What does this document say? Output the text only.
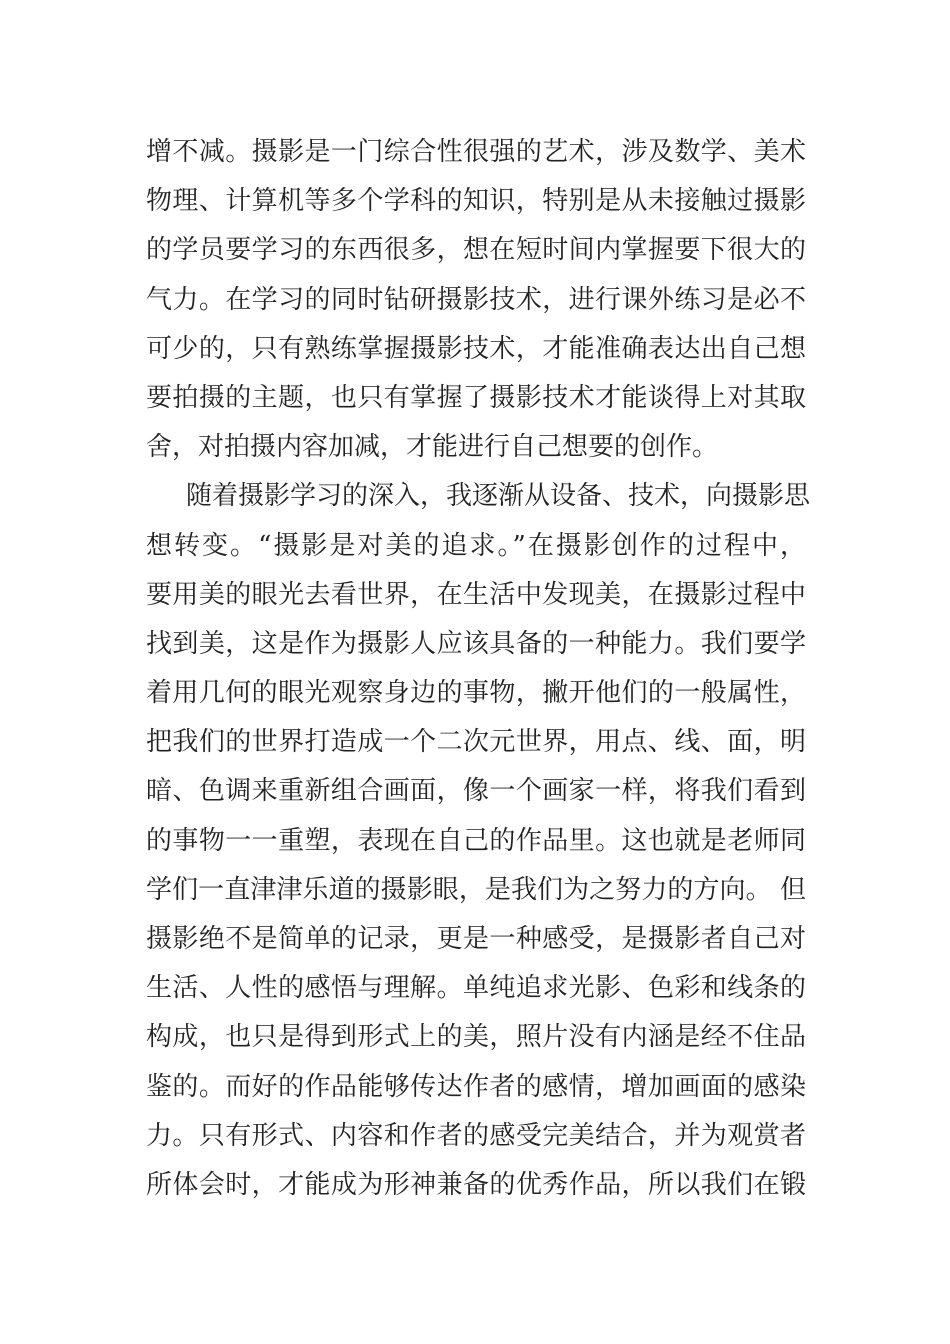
增不减。摄影是一门综合性很强的艺术，涉及数学、美术
物理、计算机等多个学科的知识，特别是从未接触过摄影
的学员要学习的东西很多，想在短时间内掌握要下很大的
气力。在学习的同时钻研摄影技术，进行课外练习是必不
可少的，只有熟练掌握摄影技术，才能准确表达出自己想
要拍摄的主题，也只有掌握了摄影技术才能谈得上对其取
舍，对拍摄内容加减，才能进行自己想要的创作。
随着摄影学习的深入，我逐渐从设备、技术，向摄影思
想转变。“摄影是对美的追求。”在摄影创作的过程中，
要用美的眼光去看世界，在生活中发现美，在摄影过程中
找到美，这是作为摄影人应该具备的一种能力。我们要学
着用几何的眼光观察身边的事物，撇开他们的一般属性，
把我们的世界打造成一个二次元世界，用点、线、面，明
暗、色调来重新组合画面，像一个画家一样，将我们看到
的事物一一重塑，表现在自己的作品里。这也就是老师同
学们一直津津乐道的摄影眼，是我们为之努力的方向。 但
摄影绝不是简单的记录，更是一种感受，是摄影者自己对
生活、人性的感悟与理解。单纯追求光影、色彩和线条的
构成，也只是得到形式上的美，照片没有内涵是经不住品
鉴的。而好的作品能够传达作者的感情，增加画面的感染
力。只有形式、内容和作者的感受完美结合，并为观赏者
所体会时，才能成为形神兼备的优秀作品，所以我们在锻
